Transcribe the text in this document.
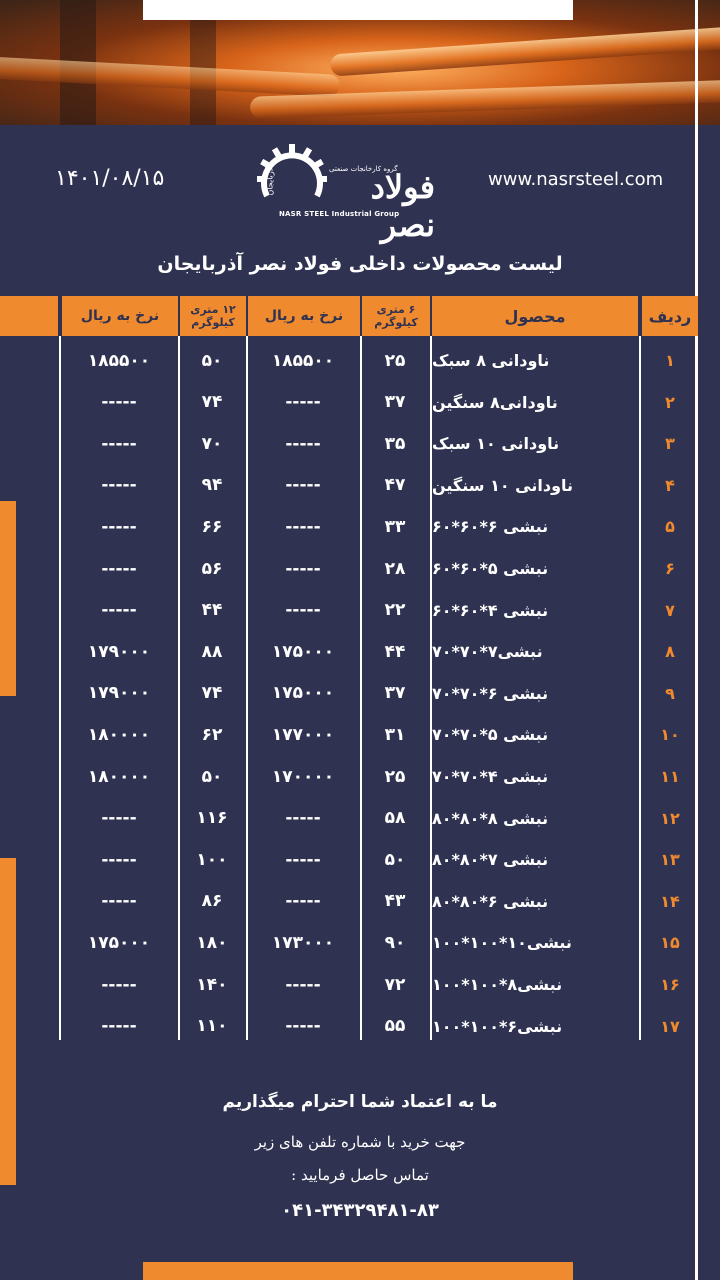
۱۴۰۱/۰۸/۱۵	www.nasrsteel.com
گروه کارخانجات صنعتی
فولاد نصر
NASR STEEL Industrial Group
آذربایجان
لیست محصولات داخلی فولاد نصر آذربایجان
ردیف
محصول
۶ متری کیلوگرم
نرخ به ریال
۱۲ متری کیلوگرم
نرخ به ریال
۱
ناودانی ۸ سبک
۲۵
۱۸۵۵۰۰
۵۰
۱۸۵۵۰۰
۲
ناودانی۸ سنگین
۳۷
-----
۷۴
-----
۳
ناودانی ۱۰ سبک
۳۵
-----
۷۰
-----
۴
ناودانی ۱۰ سنگین
۴۷
-----
۹۴
-----
۵
نبشی ۶*۶۰*۶۰
۳۳
-----
۶۶
-----
۶
نبشی ۵*۶۰*۶۰
۲۸
-----
۵۶
-----
۷
نبشی ۴*۶۰*۶۰
۲۲
-----
۴۴
-----
۸
نبشی۷*۷۰*۷۰
۴۴
۱۷۵۰۰۰
۸۸
۱۷۹۰۰۰
۹
نبشی ۶*۷۰*۷۰
۳۷
۱۷۵۰۰۰
۷۴
۱۷۹۰۰۰
۱۰
نبشی ۵*۷۰*۷۰
۳۱
۱۷۷۰۰۰
۶۲
۱۸۰۰۰۰
۱۱
نبشی ۴*۷۰*۷۰
۲۵
۱۷۰۰۰۰
۵۰
۱۸۰۰۰۰
۱۲
نبشی ۸*۸۰*۸۰
۵۸
-----
۱۱۶
-----
۱۳
نبشی ۷*۸۰*۸۰
۵۰
-----
۱۰۰
-----
۱۴
نبشی ۶*۸۰*۸۰
۴۳
-----
۸۶
-----
۱۵
نبشی۱۰*۱۰۰*۱۰۰
۹۰
۱۷۳۰۰۰
۱۸۰
۱۷۵۰۰۰
۱۶
نبشی۸*۱۰۰*۱۰۰
۷۲
-----
۱۴۰
-----
۱۷
نبشی۶*۱۰۰*۱۰۰
۵۵
-----
۱۱۰
-----
ما به اعتماد شما احترام میگذاریم
جهت خرید با شماره تلفن های زیر
تماس حاصل فرمایید :
۰۴۱-۳۴۳۲۹۴۸۱-۸۳
